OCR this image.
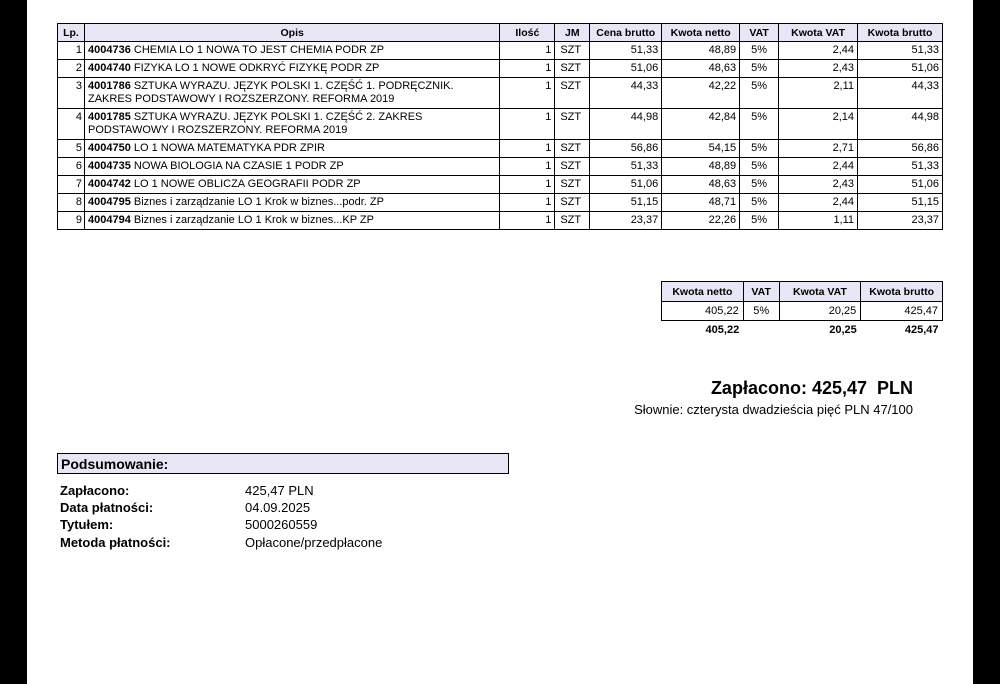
Lp.	Opis	Ilość	JM	Cena brutto	Kwota netto	VAT	Kwota VAT	Kwota brutto
1	4004736 CHEMIA LO 1 NOWA TO JEST CHEMIA PODR ZP	1	SZT	51,33	48,89	5%	2,44	51,33
2	4004740 FIZYKA LO 1 NOWE ODKRYĆ FIZYKĘ PODR ZP	1	SZT	51,06	48,63	5%	2,43	51,06
3	4001786 SZTUKA WYRAZU. JĘZYK POLSKI 1. CZĘŚĆ 1. PODRĘCZNIK. ZAKRES PODSTAWOWY I ROZSZERZONY. REFORMA 2019	1	SZT	44,33	42,22	5%	2,11	44,33
4	4001785 SZTUKA WYRAZU. JĘZYK POLSKI 1. CZĘŚĆ 2. ZAKRES PODSTAWOWY I ROZSZERZONY. REFORMA 2019	1	SZT	44,98	42,84	5%	2,14	44,98
5	4004750 LO 1 NOWA MATEMATYKA PDR ZPIR	1	SZT	56,86	54,15	5%	2,71	56,86
6	4004735 NOWA BIOLOGIA NA CZASIE 1 PODR ZP	1	SZT	51,33	48,89	5%	2,44	51,33
7	4004742 LO 1 NOWE OBLICZA GEOGRAFII PODR ZP	1	SZT	51,06	48,63	5%	2,43	51,06
8	4004795 Biznes i zarządzanie LO 1 Krok w biznes...podr. ZP	1	SZT	51,15	48,71	5%	2,44	51,15
9	4004794 Biznes i zarządzanie LO 1 Krok w biznes...KP ZP	1	SZT	23,37	22,26	5%	1,11	23,37
Kwota netto	VAT	Kwota VAT	Kwota brutto
405,22	5%	20,25	425,47
405,22		20,25	425,47
Zapłacono: 425,47  PLN
Słownie: czterysta dwadzieścia pięć PLN 47/100
Podsumowanie:
Zapłacono:	425,47 PLN
Data płatności:	04.09.2025
Tytułem:	5000260559
Metoda płatności:	Opłacone/przedpłacone
